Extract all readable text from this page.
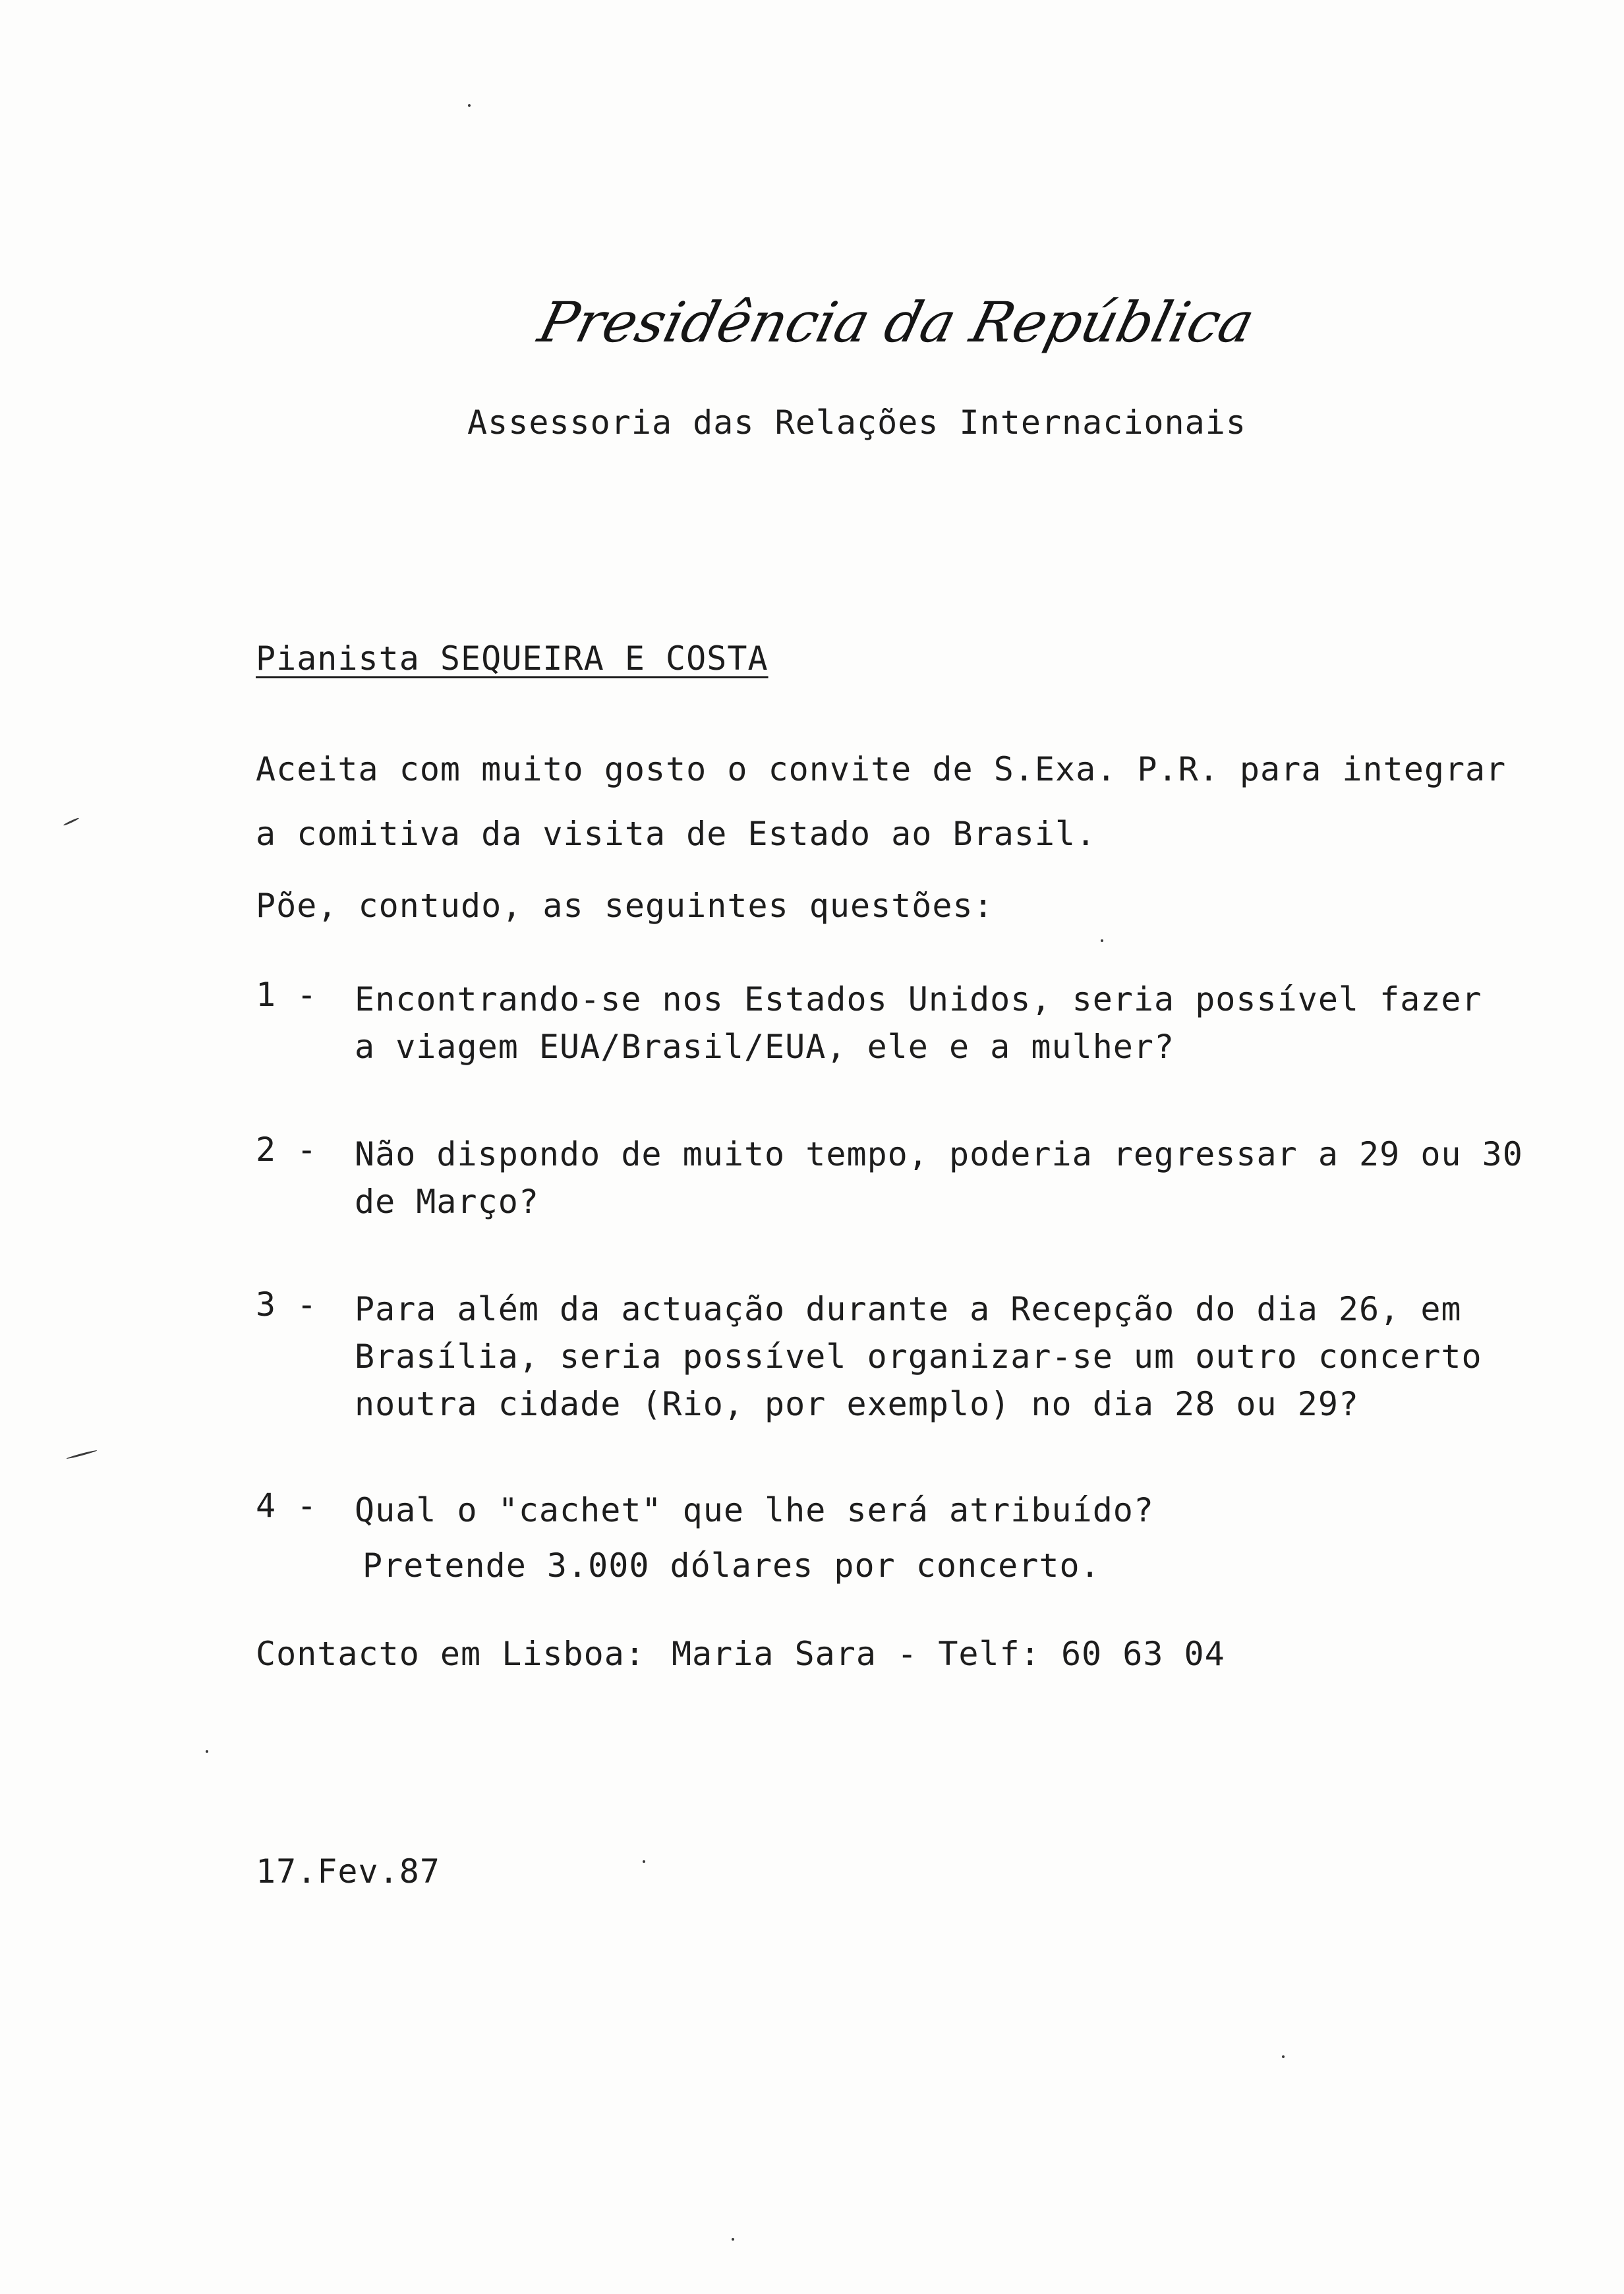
Presidência da República
Assessoria das Relações Internacionais
Pianista SEQUEIRA E COSTA
Aceita com muito gosto o convite de S.Exa. P.R. para integrar
a comitiva da visita de Estado ao Brasil.
Põe, contudo, as seguintes questões:
1 - Encontrando-se nos Estados Unidos, seria possível fazer
a viagem EUA/Brasil/EUA, ele e a mulher?
2 - Não dispondo de muito tempo, poderia regressar a 29 ou 30
de Março?
3 - Para além da actuação durante a Recepção do dia 26, em
Brasília, seria possível organizar-se um outro concerto
noutra cidade (Rio, por exemplo) no dia 28 ou 29?
4 - Qual o "cachet" que lhe será atribuído?
Pretende 3.000 dólares por concerto.
Contacto em Lisboa: Maria Sara - Telf: 60 63 04
17.Fev.87
